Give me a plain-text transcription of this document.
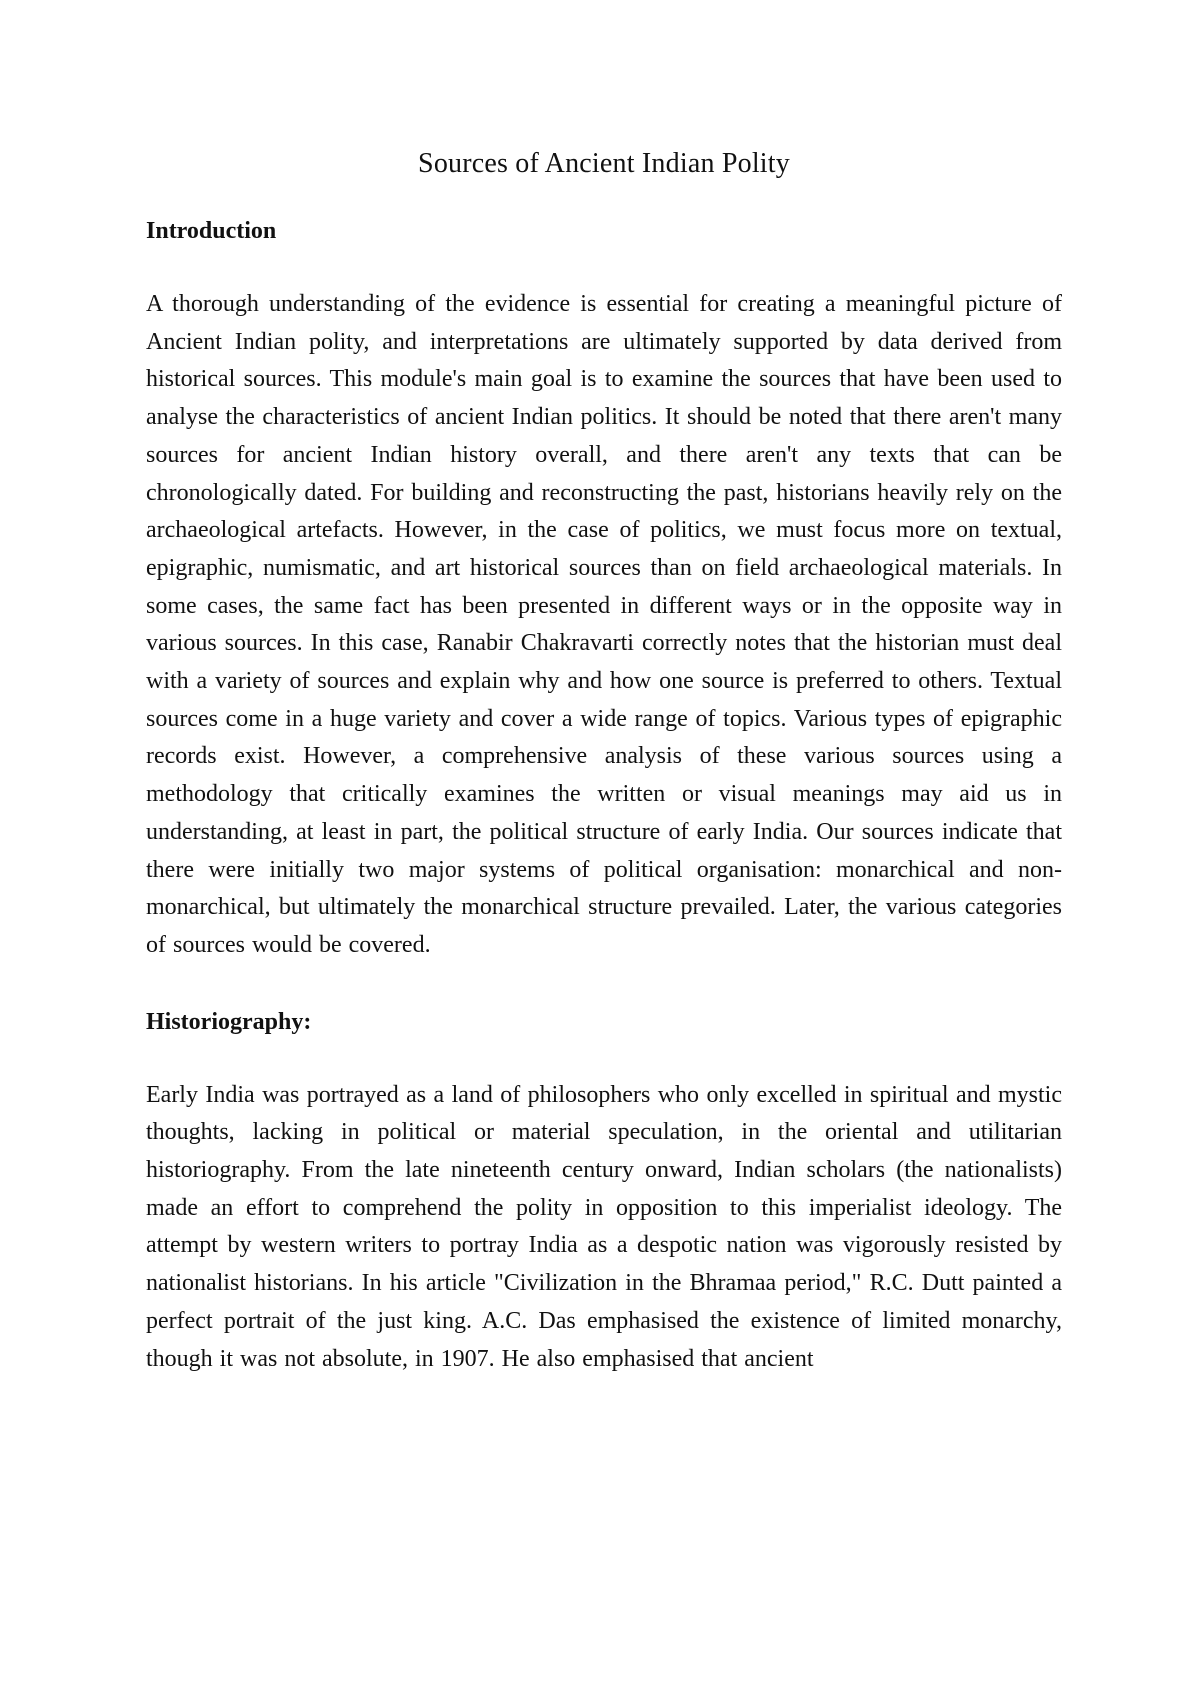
Sources of Ancient Indian Polity
Introduction

A thorough understanding of the evidence is essential for creating a meaningful picture of Ancient Indian polity, and interpretations are ultimately supported by data derived from historical sources. This module's main goal is to examine the sources that have been used to analyse the characteristics of ancient Indian politics. It should be noted that there aren't many sources for ancient Indian history overall, and there aren't any texts that can be chronologically dated. For building and reconstructing the past, historians heavily rely on the archaeological artefacts. However, in the case of politics, we must focus more on textual, epigraphic, numismatic, and art historical sources than on field archaeological materials. In some cases, the same fact has been presented in different ways or in the opposite way in various sources. In this case, Ranabir Chakravarti correctly notes that the historian must deal with a variety of sources and explain why and how one source is preferred to others. Textual sources come in a huge variety and cover a wide range of topics. Various types of epigraphic records exist. However, a comprehensive analysis of these various sources using a methodology that critically examines the written or visual meanings may aid us in understanding, at least in part, the political structure of early India. Our sources indicate that there were initially two major systems of political organisation: monarchical and non-monarchical, but ultimately the monarchical structure prevailed. Later, the various categories of sources would be covered.

Historiography:

Early India was portrayed as a land of philosophers who only excelled in spiritual and mystic thoughts, lacking in political or material speculation, in the oriental and utilitarian historiography. From the late nineteenth century onward, Indian scholars (the nationalists) made an effort to comprehend the polity in opposition to this imperialist ideology. The attempt by western writers to portray India as a despotic nation was vigorously resisted by nationalist historians. In his article "Civilization in the Bhramaa period," R.C. Dutt painted a perfect portrait of the just king. A.C. Das emphasised the existence of limited monarchy, though it was not absolute, in 1907. He also emphasised that ancient
